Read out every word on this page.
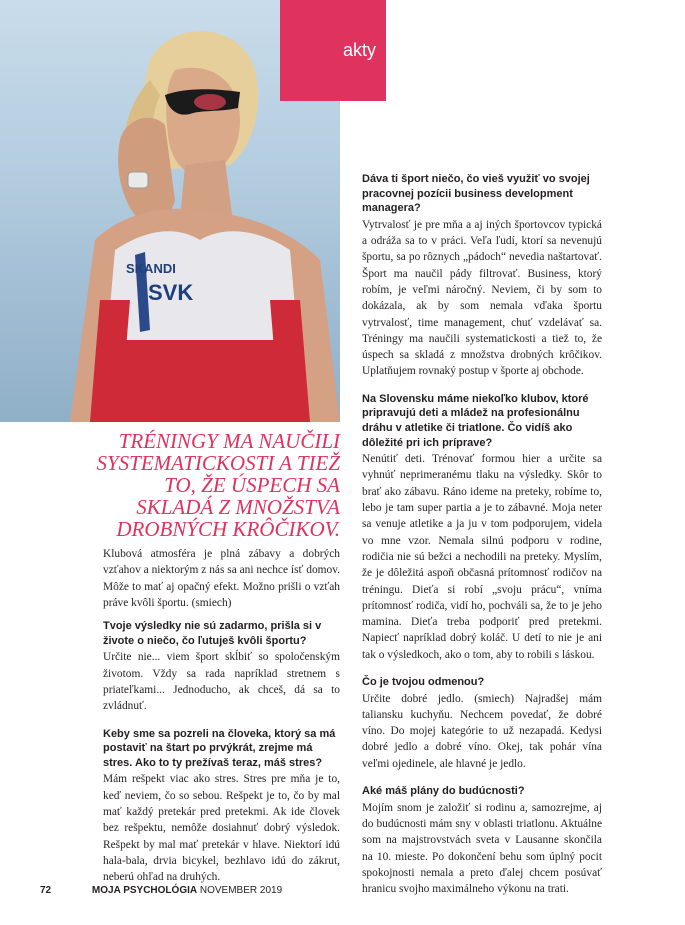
SKANDI
SVK
akty
TRÉNINGY MA NAUČILI SYSTEMATICKOSTI A TIEŽ TO, ŽE ÚSPECH SA SKLADÁ Z MNOŽSTVA DROBNÝCH KRÔČIKOV.

Klubová atmosféra je plná zábavy a dobrých vzťahov a niektorým z nás sa ani nechce ísť domov. Môže to mať aj opačný efekt. Možno prišli o vzťah práve kvôli športu. (smiech)

Tvoje výsledky nie sú zadarmo, prišla si v živote o niečo, čo ľutuješ kvôli športu?

Určite nie... viem šport skĺbiť so spoločenským životom. Vždy sa rada napríklad stretnem s priateľkami... Jednoducho, ak chceš, dá sa to zvládnuť.

Keby sme sa pozreli na človeka, ktorý sa má postaviť na štart po prvýkrát, zrejme má stres. Ako to ty prežívaš teraz, máš stres?

Mám rešpekt viac ako stres. Stres pre mňa je to, keď neviem, čo so sebou. Rešpekt je to, čo by mal mať každý pretekár pred pretekmi. Ak ide človek bez rešpektu, nemôže dosiahnuť dobrý výsledok. Rešpekt by mal mať pretekár v hlave. Niektorí idú hala-bala, drvia bicykel, bezhlavo idú do zákrut, neberú ohľad na druhých.

Dáva ti šport niečo, čo vieš využiť vo svojej pracovnej pozícii business development managera?

Vytrvalosť je pre mňa a aj iných športovcov typická a odráža sa to v práci. Veľa ľudí, ktorí sa nevenujú športu, sa po rôznych „pádoch“ nevedia naštartovať. Šport ma naučil pády filtrovať. Business, ktorý robím, je veľmi náročný. Neviem, či by som to dokázala, ak by som nemala vďaka športu vytrvalosť, time management, chuť vzdelávať sa. Tréningy ma naučili systematickosti a tiež to, že úspech sa skladá z množstva drobných krôčikov. Uplatňujem rovnaký postup v športe aj obchode.

Na Slovensku máme niekoľko klubov, ktoré pripravujú deti a mládež na profesionálnu dráhu v atletike či triatlone. Čo vidíš ako dôležité pri ich príprave?

Nenútiť deti. Trénovať formou hier a určite sa vyhnúť neprimeranému tlaku na výsledky. Skôr to brať ako zábavu. Ráno ideme na preteky, robíme to, lebo je tam super partia a je to zábavné. Moja neter sa venuje atletike a ja ju v tom podporujem, videla vo mne vzor. Nemala silnú podporu v rodine, rodičia nie sú bežci a nechodili na preteky. Myslím, že je dôležitá aspoň občasná prítomnosť rodičov na tréningu. Dieťa si robí „svoju prácu“, vníma prítomnosť rodiča, vidí ho, pochváli sa, že to je jeho mamina. Dieťa treba podporiť pred pretekmi. Napiecť napríklad dobrý koláč. U detí to nie je ani tak o výsledkoch, ako o tom, aby to robili s láskou.

Čo je tvojou odmenou?

Určite dobré jedlo. (smiech) Najradšej mám taliansku kuchyňu. Nechcem povedať, že dobré víno. Do mojej kategórie to už nezapadá. Kedysi dobré jedlo a dobré víno. Okej, tak pohár vína veľmi ojedinele, ale hlavné je jedlo.

Aké máš plány do budúcnosti?

Mojím snom je založiť si rodinu a, samozrejme, aj do budúcnosti mám sny v oblasti triatlonu. Aktuálne som na majstrovstvách sveta v Lausanne skončila na 10. mieste. Po dokončení behu som úplný pocit spokojnosti nemala a preto ďalej chcem posúvať hranicu svojho maximálneho výkonu na trati.

72	MOJA PSYCHOLÓGIA NOVEMBER 2019
